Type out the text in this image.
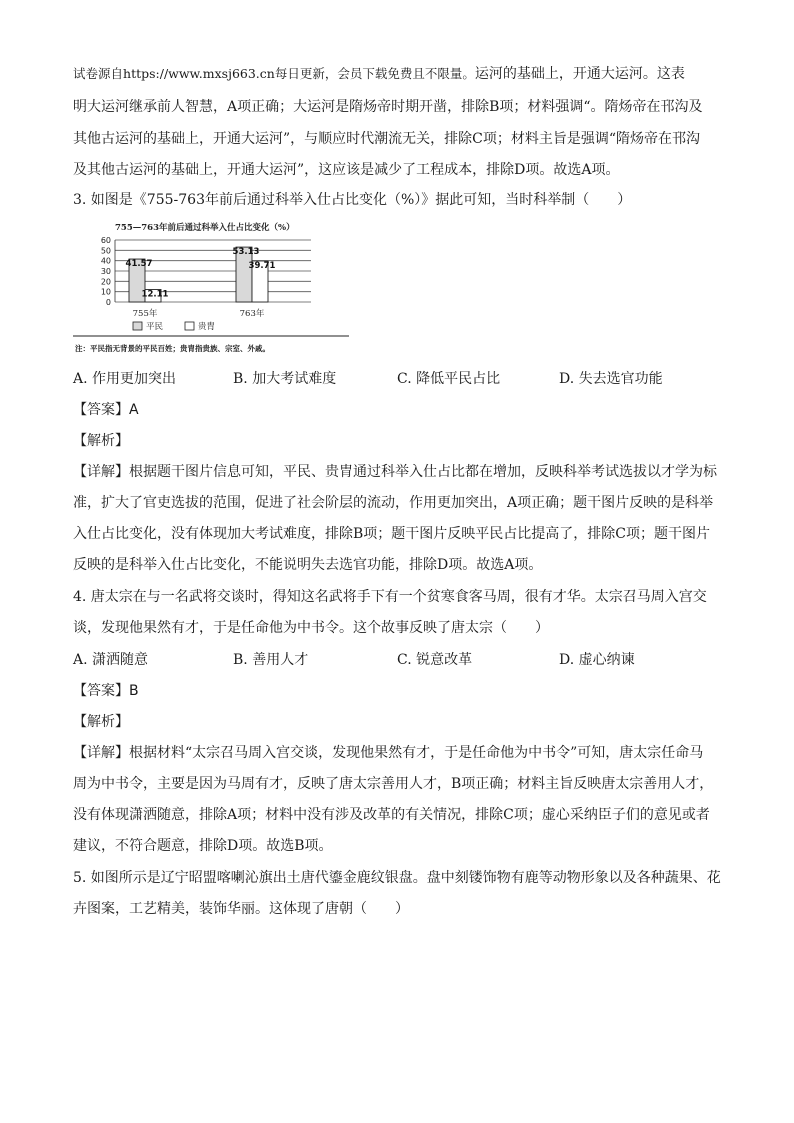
试卷源自https://www.mxsj663.cn每日更新，会员下载免费且不限量。运河的基础上，开通大运河。这表
明大运河继承前人智慧，A项正确；大运河是隋炀帝时期开凿，排除B项；材料强调“。隋炀帝在邗沟及
其他古运河的基础上，开通大运河”，与顺应时代潮流无关，排除C项；材料主旨是强调“隋炀帝在邗沟
及其他古运河的基础上，开通大运河”，这应该是减少了工程成本，排除D项。故选A项。
3. 如图是《755-763年前后通过科举入仕占比变化（%）》据此可知，当时科举制（　　）
755—763年前后通过科举入仕占比变化（%）
0
10
20
30
40
50
60
41.57
12.11
755年
53.13
39.71
763年
平民	贵胄
注：平民指无背景的平民百姓；贵胄指贵族、宗室、外戚。
A. 作用更加突出	B. 加大考试难度	C. 降低平民占比	D. 失去选官功能
【答案】A
【解析】
【详解】根据题干图片信息可知，平民、贵胄通过科举入仕占比都在增加，反映科举考试选拔以才学为标
准，扩大了官吏选拔的范围，促进了社会阶层的流动，作用更加突出，A项正确；题干图片反映的是科举
入仕占比变化，没有体现加大考试难度，排除B项；题干图片反映平民占比提高了，排除C项；题干图片
反映的是科举入仕占比变化，不能说明失去选官功能，排除D项。故选A项。
4. 唐太宗在与一名武将交谈时，得知这名武将手下有一个贫寒食客马周，很有才华。太宗召马周入宫交
谈，发现他果然有才，于是任命他为中书令。这个故事反映了唐太宗（　　）
A. 潇洒随意	B. 善用人才	C. 锐意改革	D. 虚心纳谏
【答案】B
【解析】
【详解】根据材料“太宗召马周入宫交谈，发现他果然有才，于是任命他为中书令”可知，唐太宗任命马
周为中书令，主要是因为马周有才，反映了唐太宗善用人才，B项正确；材料主旨反映唐太宗善用人才，
没有体现潇洒随意，排除A项；材料中没有涉及改革的有关情况，排除C项；虚心采纳臣子们的意见或者
建议，不符合题意，排除D项。故选B项。
5. 如图所示是辽宁昭盟喀喇沁旗出土唐代鎏金鹿纹银盘。盘中刻镂饰物有鹿等动物形象以及各种蔬果、花
卉图案，工艺精美，装饰华丽。这体现了唐朝（　　）
